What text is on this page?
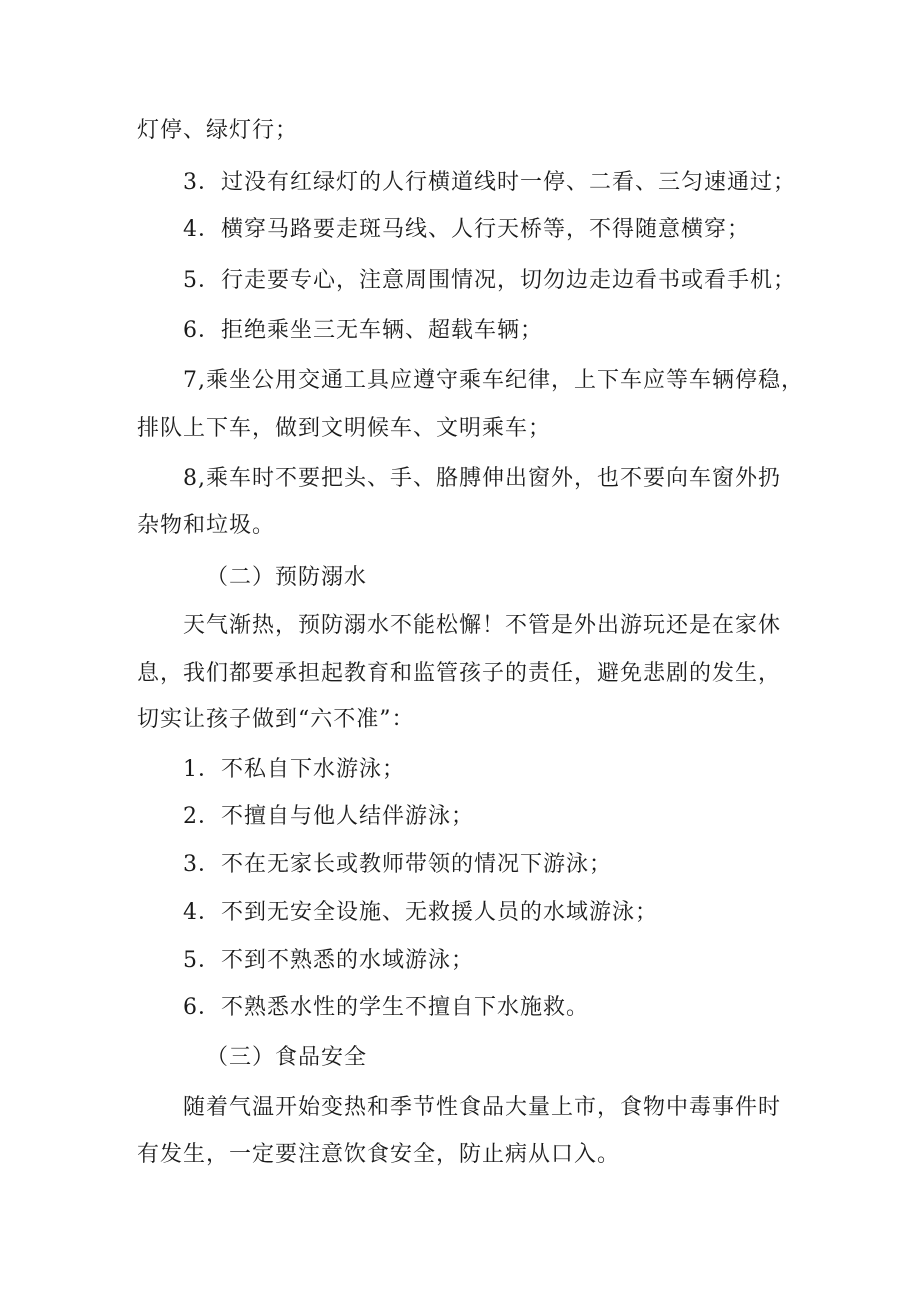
灯停、绿灯行；
3．过没有红绿灯的人行横道线时一停、二看、三匀速通过；
4．横穿马路要走斑马线、人行天桥等，不得随意横穿；
5．行走要专心，注意周围情况，切勿边走边看书或看手机；
6．拒绝乘坐三无车辆、超载车辆；
7,乘坐公用交通工具应遵守乘车纪律，上下车应等车辆停稳，
排队上下车，做到文明候车、文明乘车；
8,乘车时不要把头、手、胳膊伸出窗外，也不要向车窗外扔
杂物和垃圾。
（二）预防溺水
天气渐热，预防溺水不能松懈！不管是外出游玩还是在家休
息，我们都要承担起教育和监管孩子的责任，避免悲剧的发生，
切实让孩子做到“六不准”：
1．不私自下水游泳；
2．不擅自与他人结伴游泳；
3．不在无家长或教师带领的情况下游泳；
4．不到无安全设施、无救援人员的水域游泳；
5．不到不熟悉的水域游泳；
6．不熟悉水性的学生不擅自下水施救。
（三）食品安全
随着气温开始变热和季节性食品大量上市，食物中毒事件时
有发生，一定要注意饮食安全，防止病从口入。
